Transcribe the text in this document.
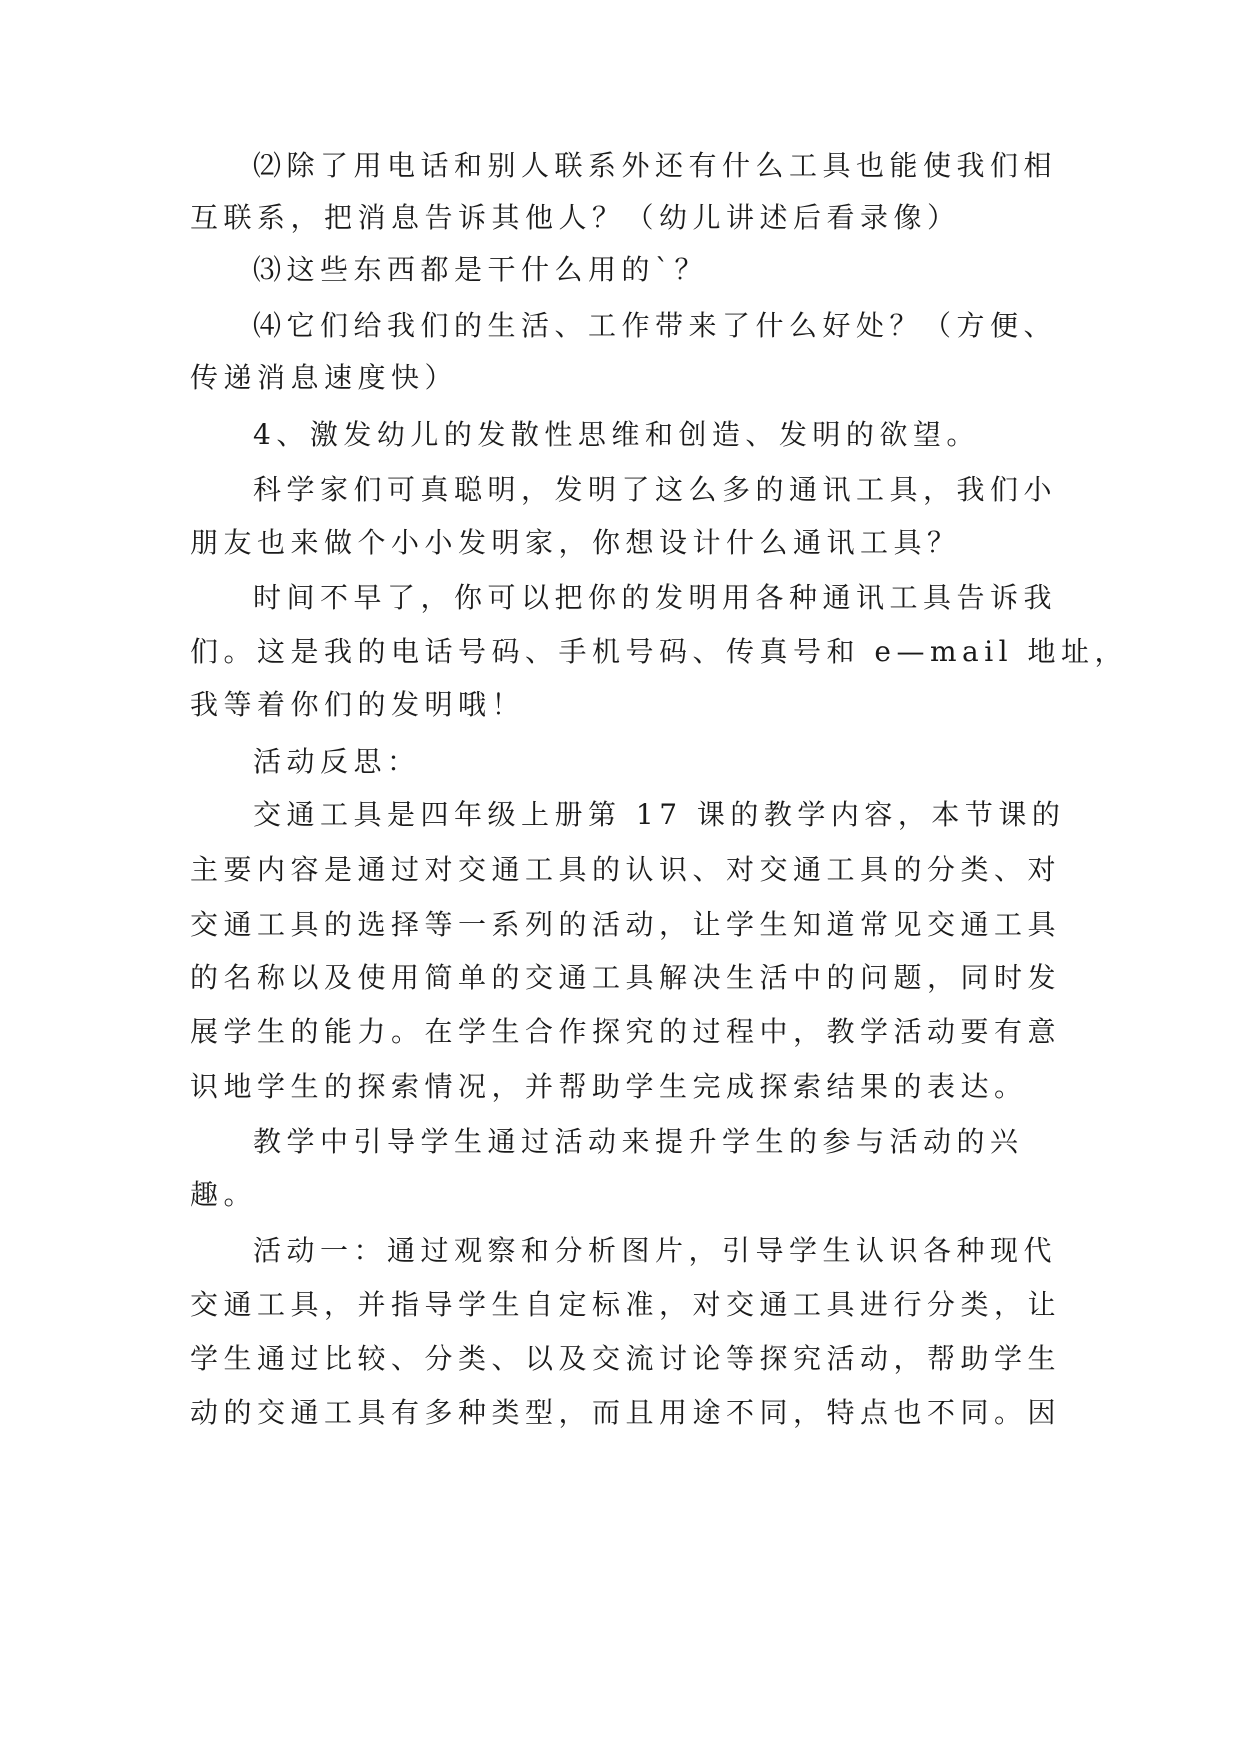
⑵除了用电话和别人联系外还有什么工具也能使我们相
互联系，把消息告诉其他人？（幼儿讲述后看录像）
⑶这些东西都是干什么用的`？
⑷它们给我们的生活、工作带来了什么好处？（方便、
传递消息速度快）
4、激发幼儿的发散性思维和创造、发明的欲望。
科学家们可真聪明，发明了这么多的通讯工具，我们小
朋友也来做个小小发明家，你想设计什么通讯工具？
时间不早了，你可以把你的发明用各种通讯工具告诉我
们。这是我的电话号码、手机号码、传真号和 e—mail 地址，
我等着你们的发明哦！
活动反思：
交通工具是四年级上册第 17 课的教学内容，本节课的
主要内容是通过对交通工具的认识、对交通工具的分类、对
交通工具的选择等一系列的活动，让学生知道常见交通工具
的名称以及使用简单的交通工具解决生活中的问题，同时发
展学生的能力。在学生合作探究的过程中，教学活动要有意
识地学生的探索情况，并帮助学生完成探索结果的表达。
教学中引导学生通过活动来提升学生的参与活动的兴
趣。
活动一：通过观察和分析图片，引导学生认识各种现代
交通工具，并指导学生自定标准，对交通工具进行分类，让
学生通过比较、分类、以及交流讨论等探究活动，帮助学生
动的交通工具有多种类型，而且用途不同，特点也不同。因
